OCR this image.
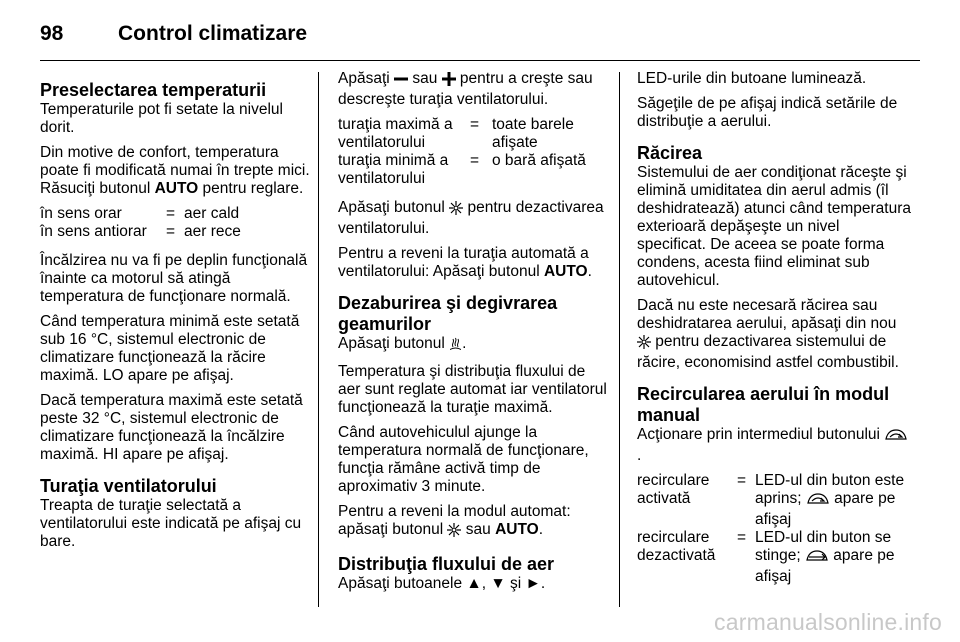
98	Control climatizare
Preselectarea temperaturii

Temperaturile pot fi setate la nivelul dorit.

Din motive de confort, temperatura poate fi modificată numai în trepte mici. Răsuciţi butonul AUTO pentru reglare.

în sens orar	=	aer cald
în sens antiorar	=	aer rece

Încălzirea nu va fi pe deplin funcţională înainte ca motorul să atingă temperatura de funcţionare normală.

Când temperatura minimă este setată sub 16 °C, sistemul electronic de climatizare funcţionează la răcire maximă. LO apare pe afişaj.

Dacă temperatura maximă este setată peste 32 °C, sistemul electronic de climatizare funcţionează la încălzire maximă. HI apare pe afişaj.

Turaţia ventilatorului

Treapta de turaţie selectată a ventilatorului este indicată pe afişaj cu bare.

Apăsaţi  sau  pentru a creşte sau descreşte turaţia ventilatorului.

turaţia maximă a ventilatorului	=	toate barele afişate
turaţia minimă a ventilatorului	=	o bară afişată

Apăsaţi butonul  pentru dezactivarea ventilatorului.

Pentru a reveni la turaţia automată a ventilatorului: Apăsaţi butonul AUTO.

Dezaburirea şi degivrarea geamurilor

Apăsaţi butonul .

Temperatura şi distribuţia fluxului de aer sunt reglate automat iar ventilatorul funcţionează la turaţie maximă.

Când autovehiculul ajunge la temperatura normală de funcţionare, funcţia rămâne activă timp de aproximativ 3 minute.

Pentru a reveni la modul automat: apăsaţi butonul  sau AUTO.

Distribuţia fluxului de aer

Apăsaţi butoanele ▲, ▼ şi ►.

LED-urile din butoane luminează.

Săgeţile de pe afişaj indică setările de distribuţie a aerului.

Răcirea

Sistemului de aer condiţionat răceşte şi elimină umiditatea din aerul admis (îl deshidratează) atunci când temperatura exterioară depăşeşte un nivel specificat. De aceea se poate forma condens, acesta fiind eliminat sub autovehicul.

Dacă nu este necesară răcirea sau deshidratarea aerului, apăsaţi din nou  pentru dezactivarea sistemului de răcire, economisind astfel combustibil.

Recircularea aerului în modul manual

Acţionare prin intermediul butonului .

recirculare activată	=	LED-ul din buton este aprins;  apare pe afişaj
recirculare dezactivată	=	LED-ul din buton se stinge;  apare pe afişaj
carmanualsonline.info
